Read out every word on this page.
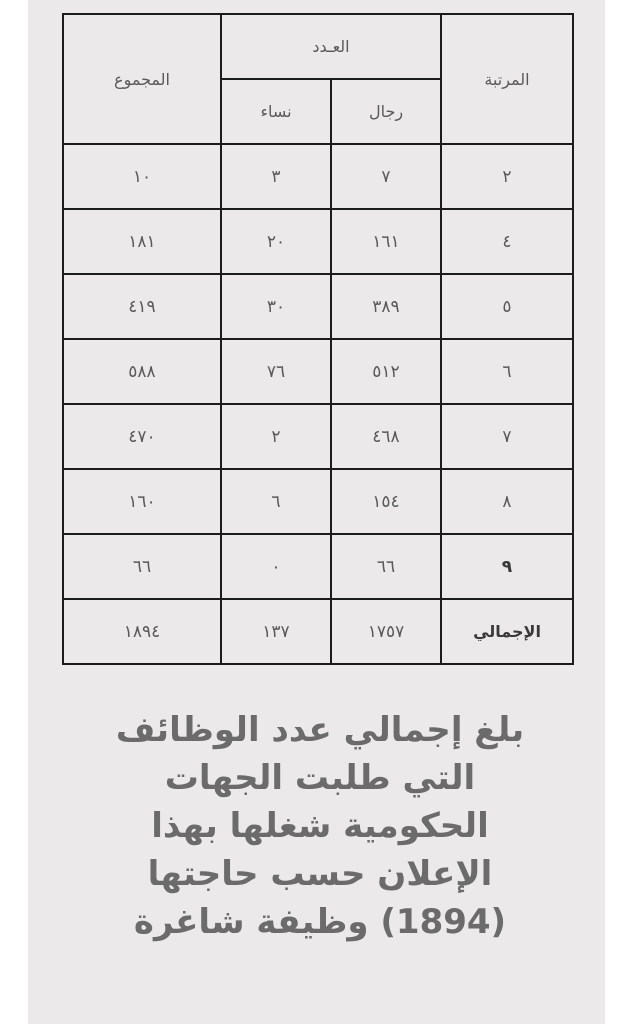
المرتبة	العـدد		المجموع
	رجال	نساء	
٢	٧	٣	١٠
٤	١٦١	٢٠	١٨١
٥	٣٨٩	٣٠	٤١٩
٦	٥١٢	٧٦	٥٨٨
٧	٤٦٨	٢	٤٧٠
٨	١٥٤	٦	١٦٠
٩	٦٦	٠	٦٦
الإجمالي	١٧٥٧	١٣٧	١٨٩٤
بلغ إجمالي عدد الوظائف
التي طلبت الجهات
الحكومية شغلها بهذا
الإعلان حسب حاجتها
(1894) وظيفة شاغرة
